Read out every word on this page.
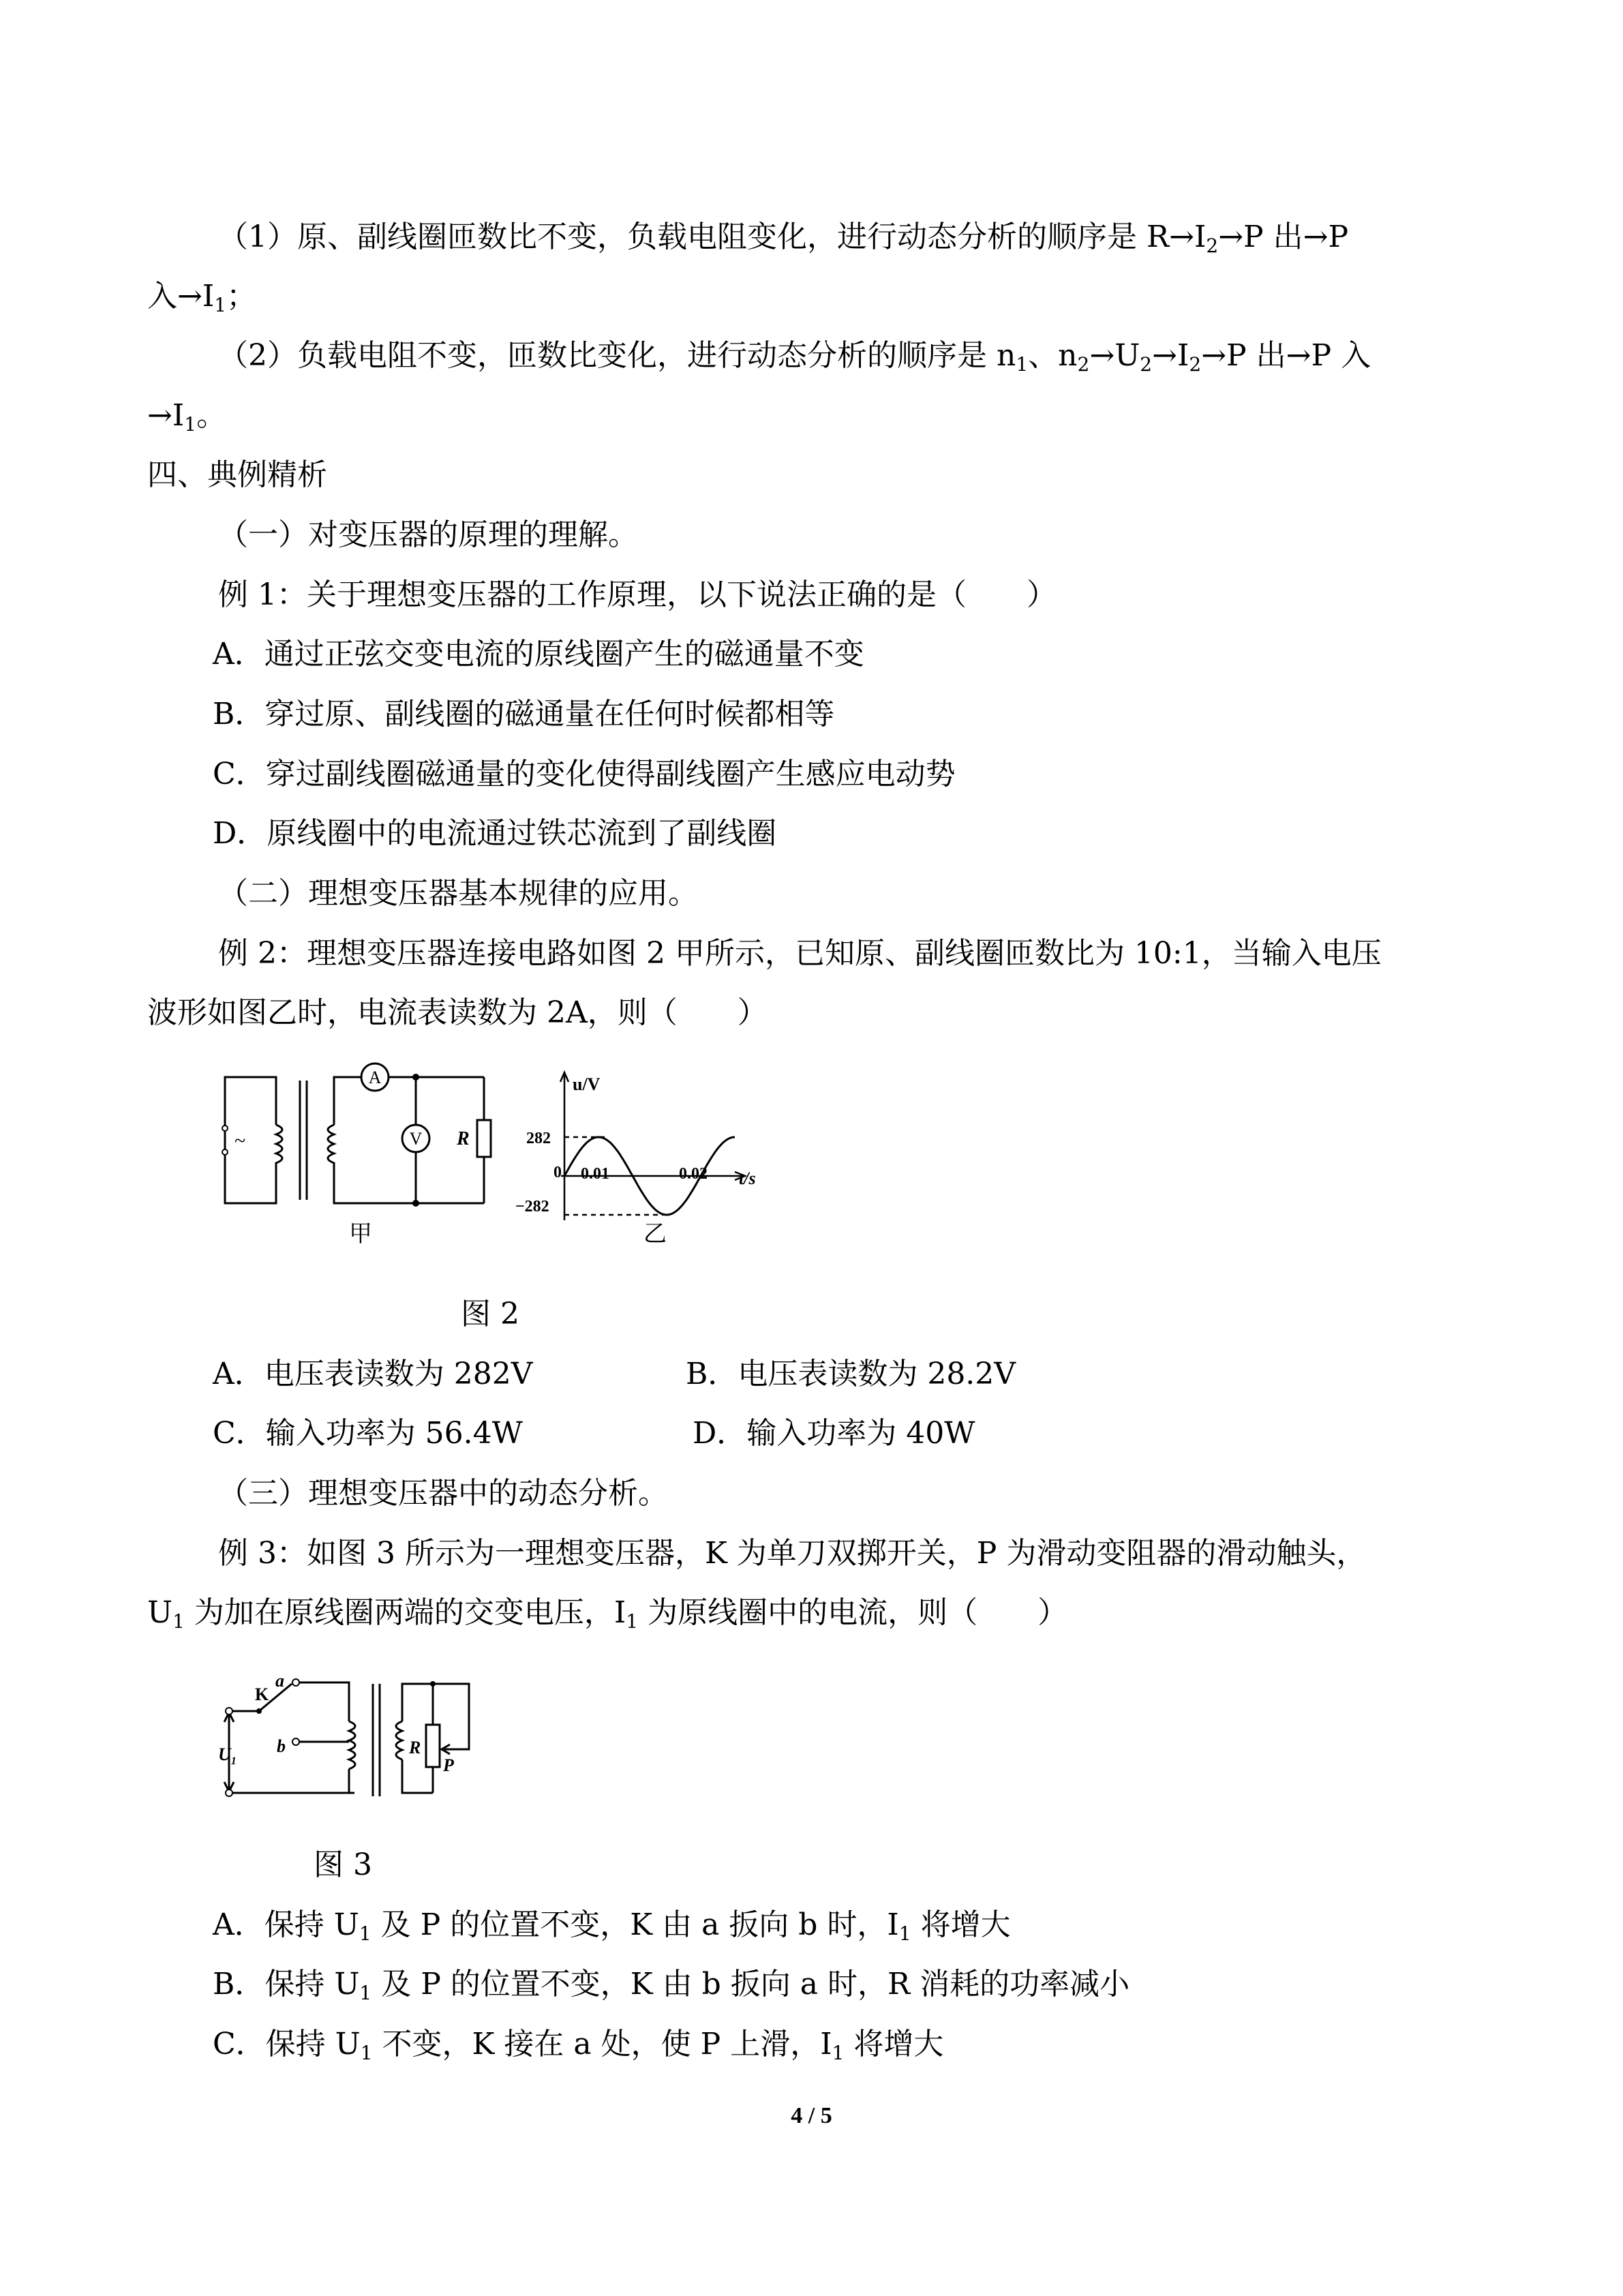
（1）原、副线圈匝数比不变，负载电阻变化，进行动态分析的顺序是 $R\to I_2\to P$ 出→P
入$\to I_1$；
（2）负载电阻不变，匝数比变化，进行动态分析的顺序是 $n_1$、$n_2\to U_2\to I_2\to P$ 出→P 入
$\to I_1$。
四、典例精析
（一）对变压器的原理的理解。
例 1：关于理想变压器的工作原理，以下说法正确的是（　　）
A．通过正弦交变电流的原线圈产生的磁通量不变
B．穿过原、副线圈的磁通量在任何时候都相等
C．穿过副线圈磁通量的变化使得副线圈产生感应电动势
D．原线圈中的电流通过铁芯流到了副线圈
（二）理想变压器基本规律的应用。
例 2：理想变压器连接电路如图 2 甲所示，已知原、副线圈匝数比为 10:1，当输入电压
波形如图乙时，电流表读数为 2A，则（　　）
~
A
V R
甲
u/V
282
−282
0 0.01	0.02 t/s
乙
图 2
A．电压表读数为 282V	B．电压表读数为 28.2V
C．输入功率为 56.4W	D．输入功率为 40W
（三）理想变压器中的动态分析。
例 3：如图 3 所示为一理想变压器，K 为单刀双掷开关，P 为滑动变阻器的滑动触头，
$U_1$ 为加在原线圈两端的交变电压，$I_1$ 为原线圈中的电流，则（　　）
a
K
b
$U_1$
R
P
图 3
A．保持 $U_1$ 及 P 的位置不变，K 由 a 扳向 b 时，$I_1$ 将增大
B．保持 $U_1$ 及 P 的位置不变，K 由 b 扳向 a 时，R 消耗的功率减小
C．保持 $U_1$ 不变，K 接在 a 处，使 P 上滑，$I_1$ 将增大
4 / 5
